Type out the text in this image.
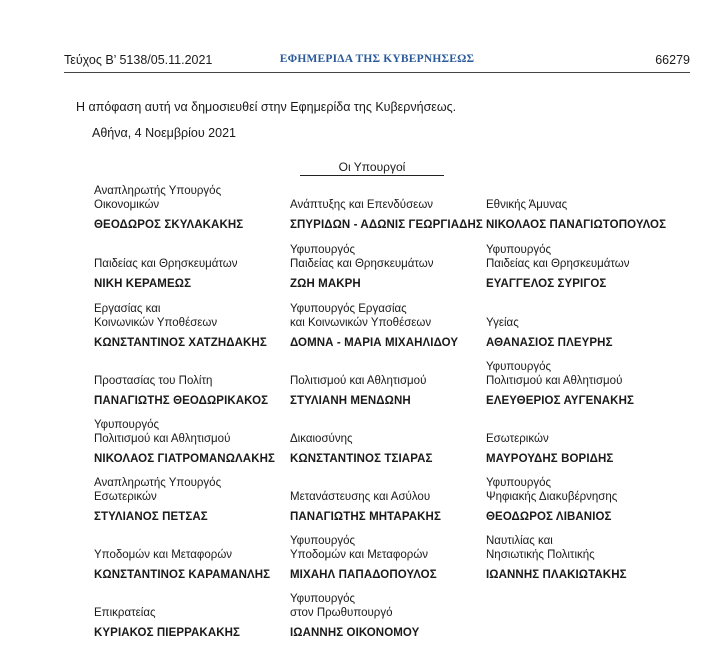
Τεύχος Β’ 5138/05.11.2021	ΕΦΗΜΕΡΙΔΑ ΤΗΣ ΚΥΒΕΡΝΗΣΕΩΣ	66279
Η απόφαση αυτή να δημοσιευθεί στην Εφημερίδα της Κυβερνήσεως.
Αθήνα, 4 Νοεμβρίου 2021
Οι Υπουργοί
Αναπληρωτής Υπουργός
Οικονομικών
ΘΕΟΔΩΡΟΣ ΣΚΥΛΑΚΑΚΗΣ
Ανάπτυξης και Επενδύσεων
ΣΠΥΡΙΔΩΝ - ΑΔΩΝΙΣ ΓΕΩΡΓΙΑΔΗΣ
Εθνικής Άμυνας
ΝΙΚΟΛΑΟΣ ΠΑΝΑΓΙΩΤΟΠΟΥΛΟΣ
Παιδείας και Θρησκευμάτων
ΝΙΚΗ ΚΕΡΑΜΕΩΣ
Υφυπουργός
Παιδείας και Θρησκευμάτων
ΖΩΗ ΜΑΚΡΗ
Υφυπουργός
Παιδείας και Θρησκευμάτων
ΕΥΑΓΓΕΛΟΣ ΣΥΡΙΓΟΣ
Εργασίας και
Κοινωνικών Υποθέσεων
ΚΩΝΣΤΑΝΤΙΝΟΣ ΧΑΤΖΗΔΑΚΗΣ
Υφυπουργός Εργασίας
και Κοινωνικών Υποθέσεων
ΔΟΜΝΑ - ΜΑΡΙΑ ΜΙΧΑΗΛΙΔΟΥ
Υγείας
ΑΘΑΝΑΣΙΟΣ ΠΛΕΥΡΗΣ
Προστασίας του Πολίτη
ΠΑΝΑΓΙΩΤΗΣ ΘΕΟΔΩΡΙΚΑΚΟΣ
Πολιτισμού και Αθλητισμού
ΣΤΥΛΙΑΝΗ ΜΕΝΔΩΝΗ
Υφυπουργός
Πολιτισμού και Αθλητισμού
ΕΛΕΥΘΕΡΙΟΣ ΑΥΓΕΝΑΚΗΣ
Υφυπουργός
Πολιτισμού και Αθλητισμού
ΝΙΚΟΛΑΟΣ ΓΙΑΤΡΟΜΑΝΩΛΑΚΗΣ
Δικαιοσύνης
ΚΩΝΣΤΑΝΤΙΝΟΣ ΤΣΙΑΡΑΣ
Εσωτερικών
ΜΑΥΡΟΥΔΗΣ ΒΟΡΙΔΗΣ
Αναπληρωτής Υπουργός
Εσωτερικών
ΣΤΥΛΙΑΝΟΣ ΠΕΤΣΑΣ
Μετανάστευσης και Ασύλου
ΠΑΝΑΓΙΩΤΗΣ ΜΗΤΑΡΑΚΗΣ
Υφυπουργός
Ψηφιακής Διακυβέρνησης
ΘΕΟΔΩΡΟΣ ΛΙΒΑΝΙΟΣ
Υποδομών και Μεταφορών
ΚΩΝΣΤΑΝΤΙΝΟΣ ΚΑΡΑΜΑΝΛΗΣ
Υφυπουργός
Υποδομών και Μεταφορών
ΜΙΧΑΗΛ ΠΑΠΑΔΟΠΟΥΛΟΣ
Ναυτιλίας και
Νησιωτικής Πολιτικής
ΙΩΑΝΝΗΣ ΠΛΑΚΙΩΤΑΚΗΣ
Επικρατείας
ΚΥΡΙΑΚΟΣ ΠΙΕΡΡΑΚΑΚΗΣ
Υφυπουργός
στον Πρωθυπουργό
ΙΩΑΝΝΗΣ ΟΙΚΟΝΟΜΟΥ
